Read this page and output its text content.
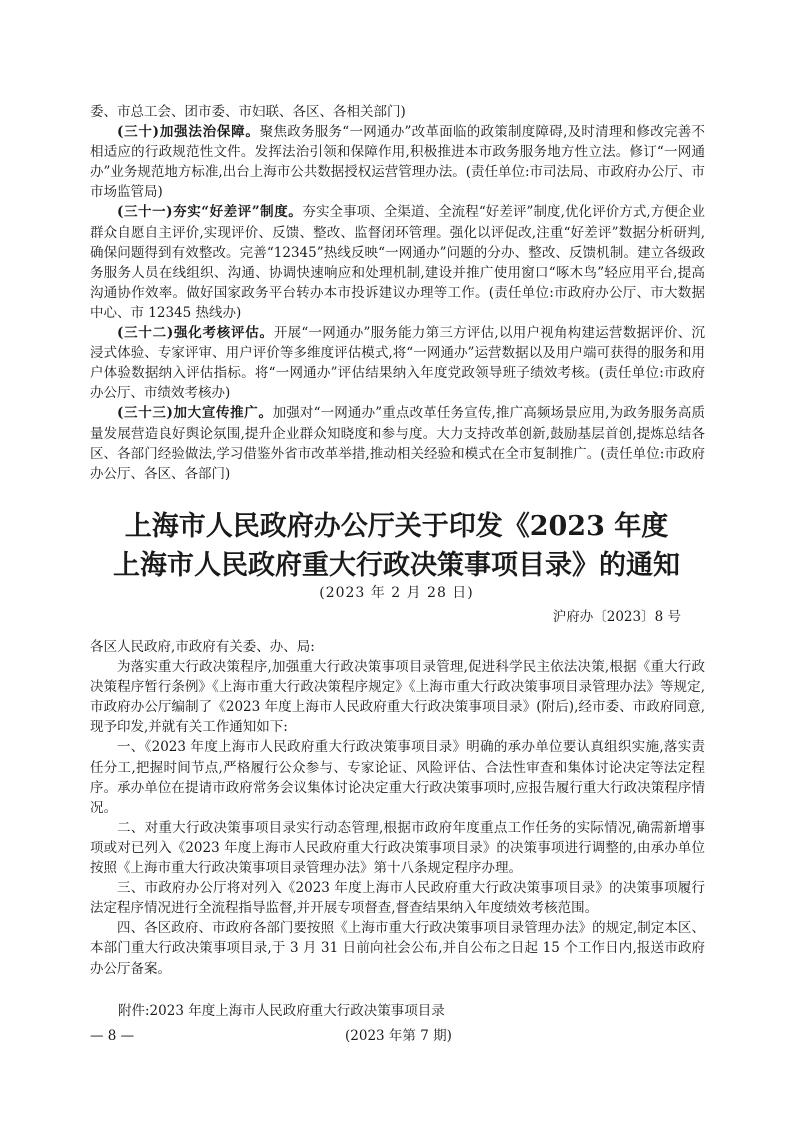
委、市总工会、团市委、市妇联、各区、各相关部门)

(三十)加强法治保障。聚焦政务服务“一网通办”改革面临的政策制度障碍,及时清理和修改完善不相适应的行政规范性文件。发挥法治引领和保障作用,积极推进本市政务服务地方性立法。修订“一网通办”业务规范地方标准,出台上海市公共数据授权运营管理办法。(责任单位:市司法局、市政府办公厅、市市场监管局)

(三十一)夯实“好差评”制度。夯实全事项、全渠道、全流程“好差评”制度,优化评价方式,方便企业群众自愿自主评价,实现评价、反馈、整改、监督闭环管理。强化以评促改,注重“好差评”数据分析研判,确保问题得到有效整改。完善“12345”热线反映“一网通办”问题的分办、整改、反馈机制。建立各级政务服务人员在线组织、沟通、协调快速响应和处理机制,建设并推广使用窗口“啄木鸟”轻应用平台,提高沟通协作效率。做好国家政务平台转办本市投诉建议办理等工作。(责任单位:市政府办公厅、市大数据中心、市 12345 热线办)

(三十二)强化考核评估。开展“一网通办”服务能力第三方评估,以用户视角构建运营数据评价、沉浸式体验、专家评审、用户评价等多维度评估模式,将“一网通办”运营数据以及用户端可获得的服务和用户体验数据纳入评估指标。将“一网通办”评估结果纳入年度党政领导班子绩效考核。(责任单位:市政府办公厅、市绩效考核办)

(三十三)加大宣传推广。加强对“一网通办”重点改革任务宣传,推广高频场景应用,为政务服务高质量发展营造良好舆论氛围,提升企业群众知晓度和参与度。大力支持改革创新,鼓励基层首创,提炼总结各区、各部门经验做法,学习借鉴外省市改革举措,推动相关经验和模式在全市复制推广。(责任单位:市政府办公厅、各区、各部门)

上海市人民政府办公厅关于印发《2023 年度
上海市人民政府重大行政决策事项目录》的通知
(2023 年 2 月 28 日)
沪府办〔2023〕8 号

各区人民政府,市政府有关委、办、局:

为落实重大行政决策程序,加强重大行政决策事项目录管理,促进科学民主依法决策,根据《重大行政决策程序暂行条例》《上海市重大行政决策程序规定》《上海市重大行政决策事项目录管理办法》等规定,市政府办公厅编制了《2023 年度上海市人民政府重大行政决策事项目录》(附后),经市委、市政府同意,现予印发,并就有关工作通知如下:

一、《2023 年度上海市人民政府重大行政决策事项目录》明确的承办单位要认真组织实施,落实责任分工,把握时间节点,严格履行公众参与、专家论证、风险评估、合法性审查和集体讨论决定等法定程序。承办单位在提请市政府常务会议集体讨论决定重大行政决策事项时,应报告履行重大行政决策程序情况。

二、对重大行政决策事项目录实行动态管理,根据市政府年度重点工作任务的实际情况,确需新增事项或对已列入《2023 年度上海市人民政府重大行政决策事项目录》的决策事项进行调整的,由承办单位按照《上海市重大行政决策事项目录管理办法》第十八条规定程序办理。

三、市政府办公厅将对列入《2023 年度上海市人民政府重大行政决策事项目录》的决策事项履行法定程序情况进行全流程指导监督,并开展专项督查,督查结果纳入年度绩效考核范围。

四、各区政府、市政府各部门要按照《上海市重大行政决策事项目录管理办法》的规定,制定本区、本部门重大行政决策事项目录,于 3 月 31 日前向社会公布,并自公布之日起 15 个工作日内,报送市政府办公厅备案。

附件:2023 年度上海市人民政府重大行政决策事项目录
— 8 —	(2023 年第 7 期)
